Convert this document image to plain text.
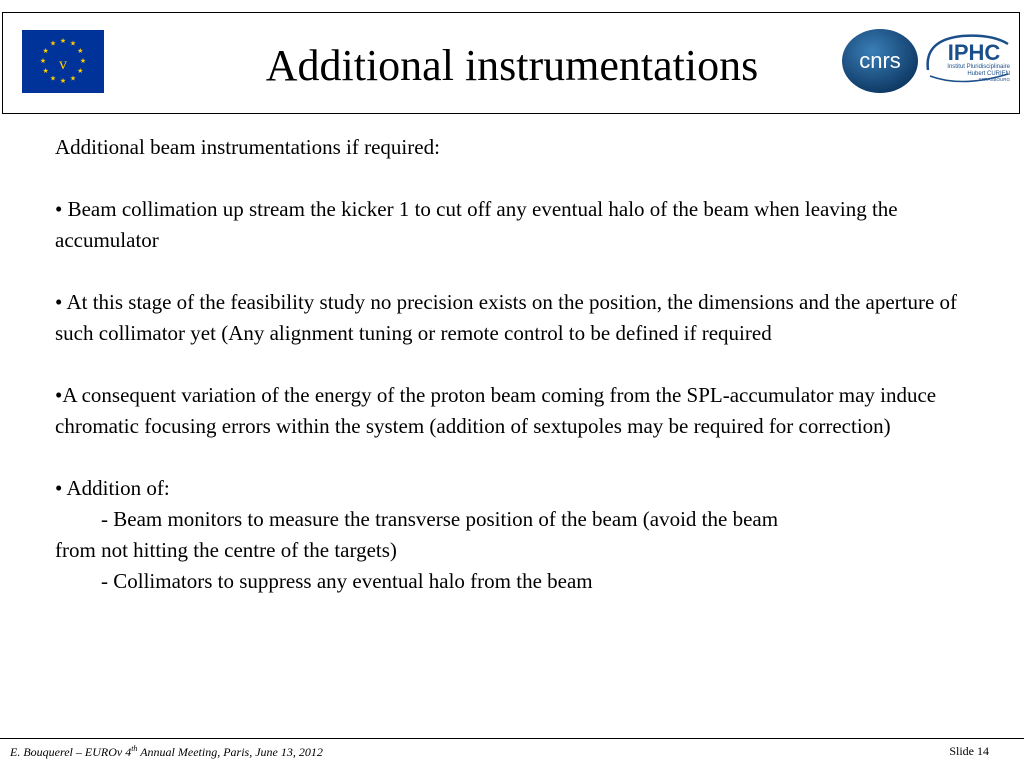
★ ★
★
★
★
★
★
★
★
★
★
★
v	Additional instrumentations	cnrs IPHC
Institut Pluridisciplinaire
Hubert CURIEN
STRASBOURG

Additional beam instrumentations if required:

• Beam collimation up stream the kicker 1 to cut off any eventual halo of the beam when leaving the accumulator

• At this stage of the feasibility study no precision exists on the position, the dimensions and the aperture of such collimator yet (Any alignment tuning or remote control to be defined if required

•A consequent variation of the energy of the proton beam coming from the SPL-accumulator may induce chromatic focusing errors within the system (addition of sextupoles may be required for correction)

• Addition of:

- Beam monitors to measure the transverse position of the beam (avoid the beam

from not hitting the centre of the targets)

- Collimators to suppress any eventual halo from the beam

E. Bouquerel – EUROv 4th Annual Meeting, Paris, June 13, 2012	Slide 14
